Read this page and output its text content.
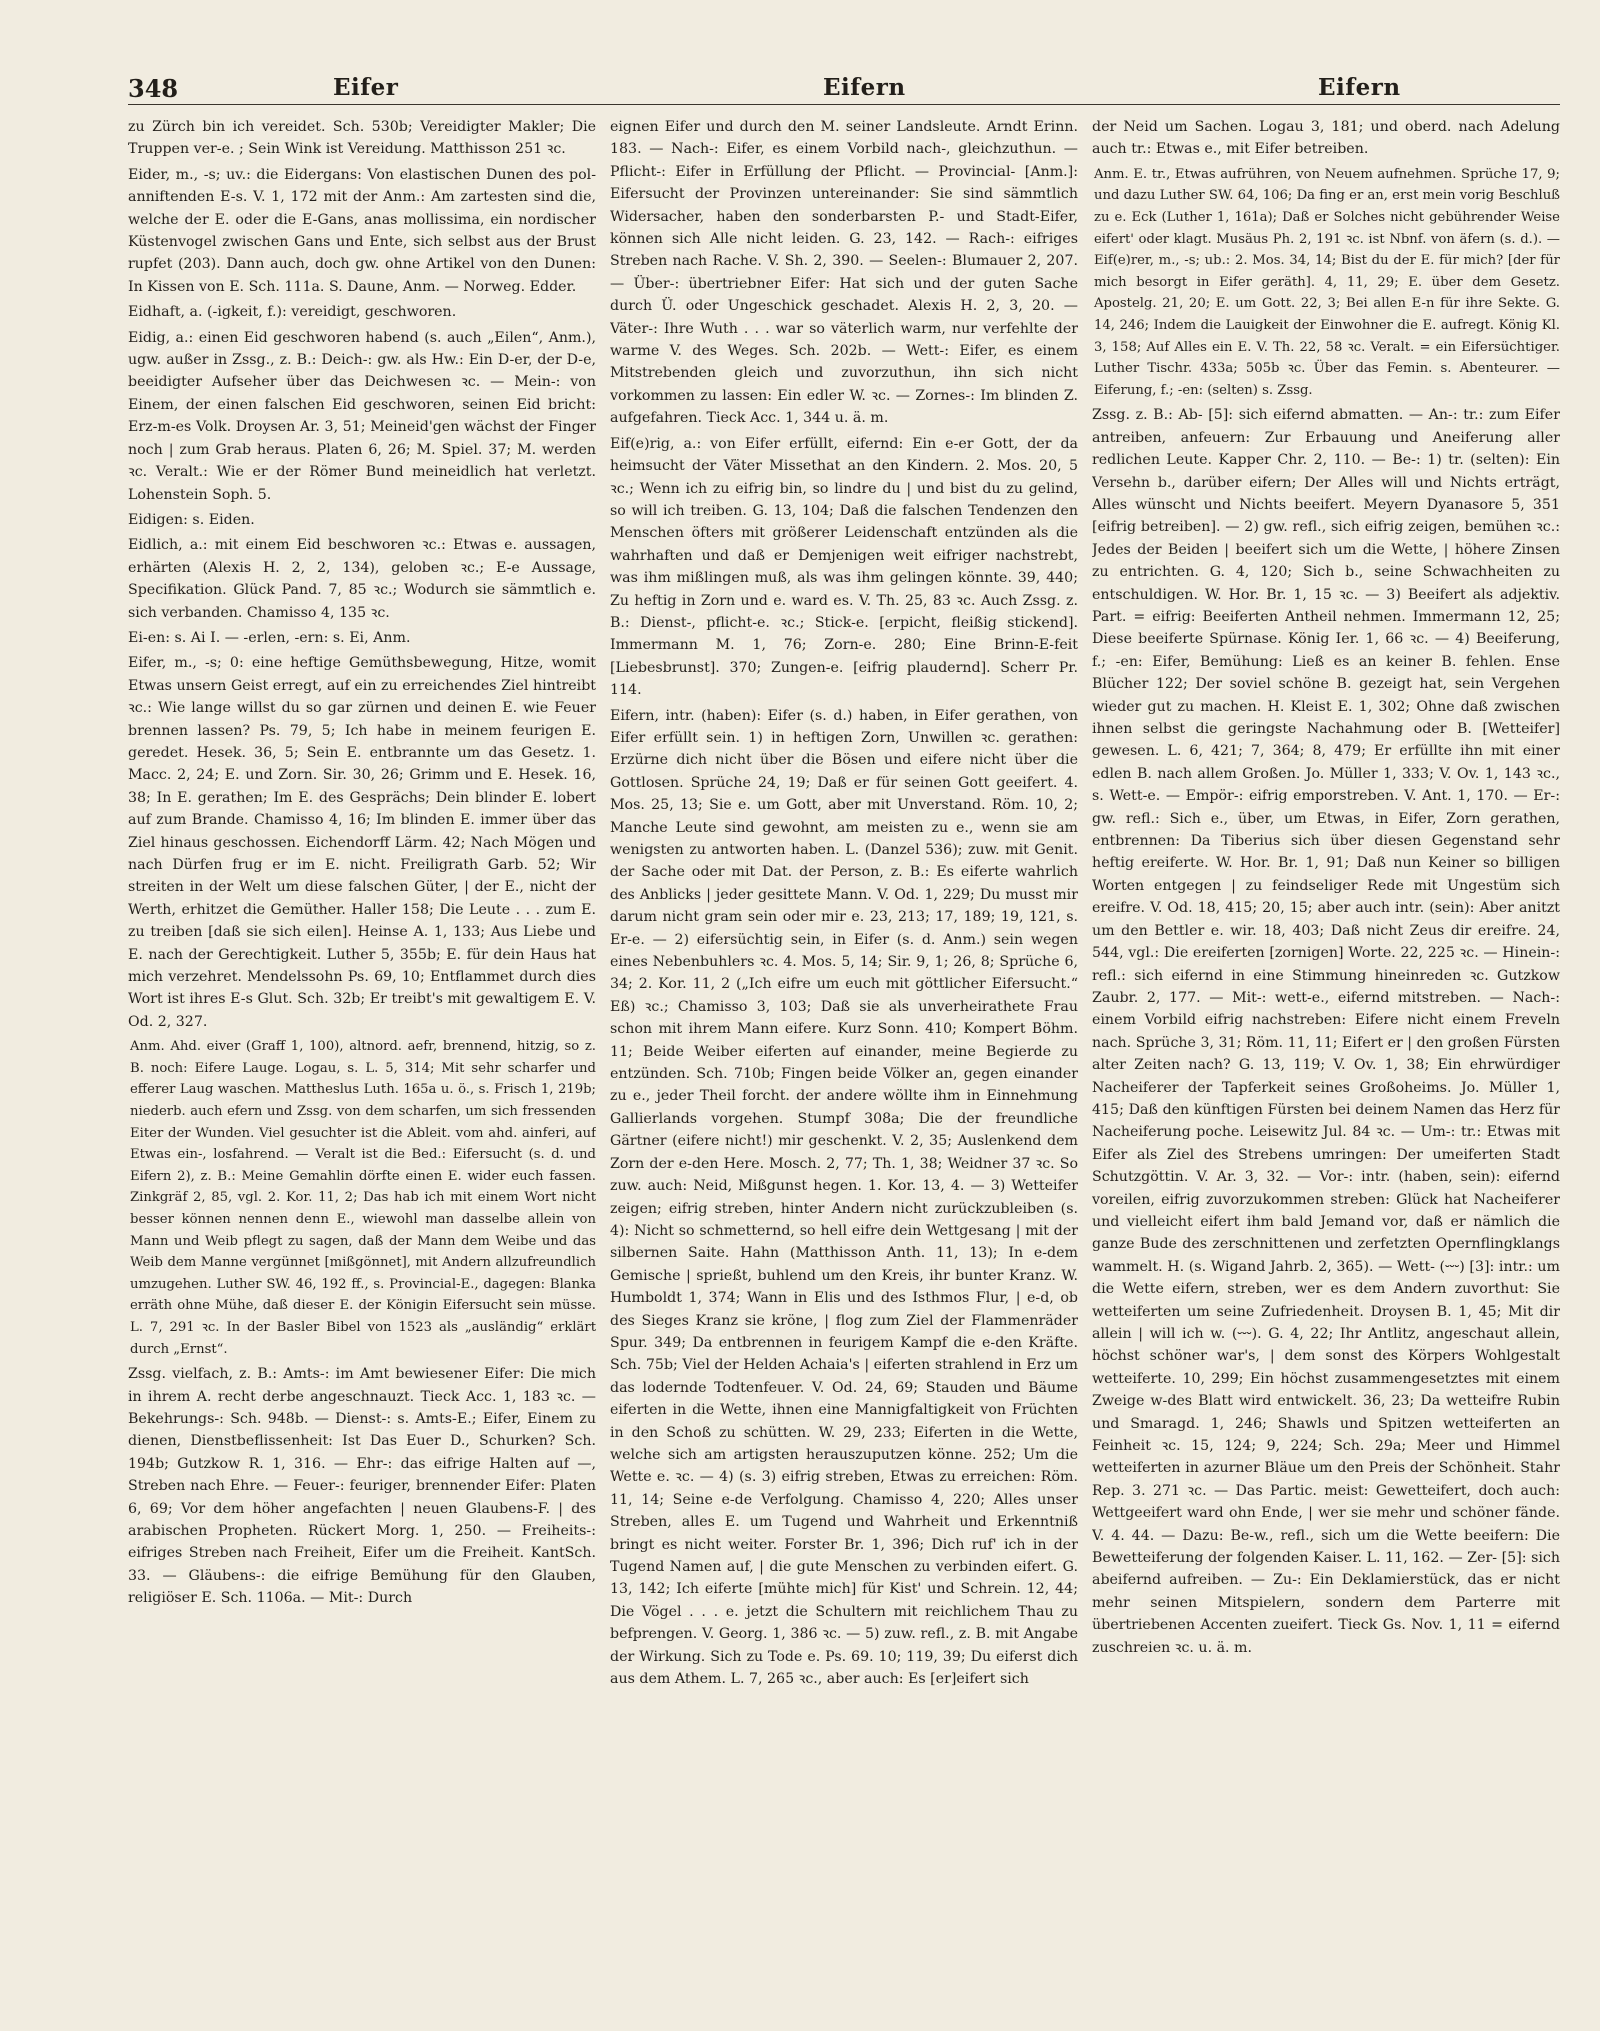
348	Eifer	Eifern	Eifern

zu Zürch bin ich vereidet. Sch. 530b; Vereidigter Makler; Die Truppen ver-e. ; Sein Wink ist Vereidung. Matthisson 251 ꝛc.

Eider, m., -s; uv.: die Eidergans: Von elastischen Dunen des pol-anniftenden E-s. V. 1, 172 mit der Anm.: Am zartesten sind die, welche der E. oder die E-Gans, anas mollissima, ein nordischer Küstenvogel zwischen Gans und Ente, sich selbst aus der Brust rupfet (203). Dann auch, doch gw. ohne Artikel von den Dunen: In Kissen von E. Sch. 111a. S. Daune, Anm. — Norweg. Edder.

Eidhaft, a. (-igkeit, f.): vereidigt, geschworen.

Eidig, a.: einen Eid geschworen habend (s. auch „Eilen“, Anm.), ugw. außer in Zssg., z. B.: Deich-: gw. als Hw.: Ein D-er, der D-e, beeidigter Aufseher über das Deichwesen ꝛc. — Mein-: von Einem, der einen falschen Eid geschworen, seinen Eid bricht: Erz-m-es Volk. Droysen Ar. 3, 51; Meineid'gen wächst der Finger noch | zum Grab heraus. Platen 6, 26; M. Spiel. 37; M. werden ꝛc. Veralt.: Wie er der Römer Bund meineidlich hat verletzt. Lohenstein Soph. 5.

Eidigen: s. Eiden.

Eidlich, a.: mit einem Eid beschworen ꝛc.: Etwas e. aussagen, erhärten (Alexis H. 2, 2, 134), geloben ꝛc.; E-e Aussage, Specifikation. Glück Pand. 7, 85 ꝛc.; Wodurch sie sämmtlich e. sich verbanden. Chamisso 4, 135 ꝛc.

Ei-en: s. Ai I. — -erlen, -ern: s. Ei, Anm.

Eifer, m., -s; 0: eine heftige Gemüthsbewegung, Hitze, womit Etwas unsern Geist erregt, auf ein zu erreichendes Ziel hintreibt ꝛc.: Wie lange willst du so gar zürnen und deinen E. wie Feuer brennen lassen? Ps. 79, 5; Ich habe in meinem feurigen E. geredet. Hesek. 36, 5; Sein E. entbrannte um das Gesetz. 1. Macc. 2, 24; E. und Zorn. Sir. 30, 26; Grimm und E. Hesek. 16, 38; In E. gerathen; Im E. des Gesprächs; Dein blinder E. lobert auf zum Brande. Chamisso 4, 16; Im blinden E. immer über das Ziel hinaus geschossen. Eichendorff Lärm. 42; Nach Mögen und nach Dürfen frug er im E. nicht. Freiligrath Garb. 52; Wir streiten in der Welt um diese falschen Güter, | der E., nicht der Werth, erhitzet die Gemüther. Haller 158; Die Leute . . . zum E. zu treiben [daß sie sich eilen]. Heinse A. 1, 133; Aus Liebe und E. nach der Gerechtigkeit. Luther 5, 355b; E. für dein Haus hat mich verzehret. Mendelssohn Ps. 69, 10; Entflammet durch dies Wort ist ihres E-s Glut. Sch. 32b; Er treibt's mit gewaltigem E. V. Od. 2, 327.

Anm. Ahd. eiver (Graff 1, 100), altnord. aefr, brennend, hitzig, so z. B. noch: Eifere Lauge. Logau, s. L. 5, 314; Mit sehr scharfer und efferer Laug waschen. Mattheslus Luth. 165a u. ö., s. Frisch 1, 219b; niederb. auch efern und Zssg. von dem scharfen, um sich fressenden Eiter der Wunden. Viel gesuchter ist die Ableit. vom ahd. ainferi, auf Etwas ein-, losfahrend. — Veralt ist die Bed.: Eifersucht (s. d. und Eifern 2), z. B.: Meine Gemahlin dörfte einen E. wider euch fassen. Zinkgräf 2, 85, vgl. 2. Kor. 11, 2; Das hab ich mit einem Wort nicht besser können nennen denn E., wiewohl man dasselbe allein von Mann und Weib pflegt zu sagen, daß der Mann dem Weibe und das Weib dem Manne vergünnet [mißgönnet], mit Andern allzufreundlich umzugehen. Luther SW. 46, 192 ff., s. Provincial-E., dagegen: Blanka erräth ohne Mühe, daß dieser E. der Königin Eifersucht sein müsse. L. 7, 291 ꝛc. In der Basler Bibel von 1523 als „ausländig“ erklärt durch „Ernst“.

Zssg. vielfach, z. B.: Amts-: im Amt bewiesener Eifer: Die mich in ihrem A. recht derbe angeschnauzt. Tieck Acc. 1, 183 ꝛc. — Bekehrungs-: Sch. 948b. — Dienst-: s. Amts-E.; Eifer, Einem zu dienen, Dienstbeflissenheit: Ist Das Euer D., Schurken? Sch. 194b; Gutzkow R. 1, 316. — Ehr-: das eifrige Halten auf —, Streben nach Ehre. — Feuer-: feuriger, brennender Eifer: Platen 6, 69; Vor dem höher angefachten | neuen Glaubens-F. | des arabischen Propheten. Rückert Morg. 1, 250. — Freiheits-: eifriges Streben nach Freiheit, Eifer um die Freiheit. KantSch. 33. — Gläubens-: die eifrige Bemühung für den Glauben, religiöser E. Sch. 1106a. — Mit-: Durch

eignen Eifer und durch den M. seiner Landsleute. Arndt Erinn. 183. — Nach-: Eifer, es einem Vorbild nach-, gleichzuthun. — Pflicht-: Eifer in Erfüllung der Pflicht. — Provincial- [Anm.]: Eifersucht der Provinzen untereinander: Sie sind sämmtlich Widersacher, haben den sonderbarsten P.- und Stadt-Eifer, können sich Alle nicht leiden. G. 23, 142. — Rach-: eifriges Streben nach Rache. V. Sh. 2, 390. — Seelen-: Blumauer 2, 207. — Über-: übertriebner Eifer: Hat sich und der guten Sache durch Ü. oder Ungeschick geschadet. Alexis H. 2, 3, 20. — Väter-: Ihre Wuth . . . war so väterlich warm, nur verfehlte der warme V. des Weges. Sch. 202b. — Wett-: Eifer, es einem Mitstrebenden gleich und zuvorzuthun, ihn sich nicht vorkommen zu lassen: Ein edler W. ꝛc. — Zornes-: Im blinden Z. aufgefahren. Tieck Acc. 1, 344 u. ä. m.

Eif(e)rig, a.: von Eifer erfüllt, eifernd: Ein e-er Gott, der da heimsucht der Väter Missethat an den Kindern. 2. Mos. 20, 5 ꝛc.; Wenn ich zu eifrig bin, so lindre du | und bist du zu gelind, so will ich treiben. G. 13, 104; Daß die falschen Tendenzen den Menschen öfters mit größerer Leidenschaft entzünden als die wahrhaften und daß er Demjenigen weit eifriger nachstrebt, was ihm mißlingen muß, als was ihm gelingen könnte. 39, 440; Zu heftig in Zorn und e. ward es. V. Th. 25, 83 ꝛc. Auch Zssg. z. B.: Dienst-, pflicht-e. ꝛc.; Stick-e. [erpicht, fleißig stickend]. Immermann M. 1, 76; Zorn-e. 280; Eine Brinn-E-feit [Liebesbrunst]. 370; Zungen-e. [eifrig plaudernd]. Scherr Pr. 114.

Eifern, intr. (haben): Eifer (s. d.) haben, in Eifer gerathen, von Eifer erfüllt sein. 1) in heftigen Zorn, Unwillen ꝛc. gerathen: Erzürne dich nicht über die Bösen und eifere nicht über die Gottlosen. Sprüche 24, 19; Daß er für seinen Gott geeifert. 4. Mos. 25, 13; Sie e. um Gott, aber mit Unverstand. Röm. 10, 2; Manche Leute sind gewohnt, am meisten zu e., wenn sie am wenigsten zu antworten haben. L. (Danzel 536); zuw. mit Genit. der Sache oder mit Dat. der Person, z. B.: Es eiferte wahrlich des Anblicks | jeder gesittete Mann. V. Od. 1, 229; Du musst mir darum nicht gram sein oder mir e. 23, 213; 17, 189; 19, 121, s. Er-e. — 2) eifersüchtig sein, in Eifer (s. d. Anm.) sein wegen eines Nebenbuhlers ꝛc. 4. Mos. 5, 14; Sir. 9, 1; 26, 8; Sprüche 6, 34; 2. Kor. 11, 2 („Ich eifre um euch mit göttlicher Eifersucht.“ Eß) ꝛc.; Chamisso 3, 103; Daß sie als unverheirathete Frau schon mit ihrem Mann eifere. Kurz Sonn. 410; Kompert Böhm. 11; Beide Weiber eiferten auf einander, meine Begierde zu entzünden. Sch. 710b; Fingen beide Völker an, gegen einander zu e., jeder Theil forcht. der andere wöllte ihm in Einnehmung Gallierlands vorgehen. Stumpf 308a; Die der freundliche Gärtner (eifere nicht!) mir geschenkt. V. 2, 35; Auslenkend dem Zorn der e-den Here. Mosch. 2, 77; Th. 1, 38; Weidner 37 ꝛc. So zuw. auch: Neid, Mißgunst hegen. 1. Kor. 13, 4. — 3) Wetteifer zeigen; eifrig streben, hinter Andern nicht zurückzubleiben (s. 4): Nicht so schmetternd, so hell eifre dein Wettgesang | mit der silbernen Saite. Hahn (Matthisson Anth. 11, 13); In e-dem Gemische | sprießt, buhlend um den Kreis, ihr bunter Kranz. W. Humboldt 1, 374; Wann in Elis und des Isthmos Flur, | e-d, ob des Sieges Kranz sie kröne, | flog zum Ziel der Flammenräder Spur. 349; Da entbrennen in feurigem Kampf die e-den Kräfte. Sch. 75b; Viel der Helden Achaia's | eiferten strahlend in Erz um das lodernde Todtenfeuer. V. Od. 24, 69; Stauden und Bäume eiferten in die Wette, ihnen eine Mannigfaltigkeit von Früchten in den Schoß zu schütten. W. 29, 233; Eiferten in die Wette, welche sich am artigsten herauszuputzen könne. 252; Um die Wette e. ꝛc. — 4) (s. 3) eifrig streben, Etwas zu erreichen: Röm. 11, 14; Seine e-de Verfolgung. Chamisso 4, 220; Alles unser Streben, alles E. um Tugend und Wahrheit und Erkenntniß bringt es nicht weiter. Forster Br. 1, 396; Dich ruf' ich in der Tugend Namen auf, | die gute Menschen zu verbinden eifert. G. 13, 142; Ich eiferte [mühte mich] für Kist' und Schrein. 12, 44; Die Vögel . . . e. jetzt die Schultern mit reichlichem Thau zu befprengen. V. Georg. 1, 386 ꝛc. — 5) zuw. refl., z. B. mit Angabe der Wirkung. Sich zu Tode e. Ps. 69. 10; 119, 39; Du eiferst dich aus dem Athem. L. 7, 265 ꝛc., aber auch: Es [er]eifert sich

der Neid um Sachen. Logau 3, 181; und oberd. nach Adelung auch tr.: Etwas e., mit Eifer betreiben.

Anm. E. tr., Etwas aufrühren, von Neuem aufnehmen. Sprüche 17, 9; und dazu Luther SW. 64, 106; Da fing er an, erst mein vorig Beschluß zu e. Eck (Luther 1, 161a); Daß er Solches nicht gebührender Weise eifert' oder klagt. Musäus Ph. 2, 191 ꝛc. ist Nbnf. von äfern (s. d.). — Eif(e)rer, m., -s; ub.: 2. Mos. 34, 14; Bist du der E. für mich? [der für mich besorgt in Eifer geräth]. 4, 11, 29; E. über dem Gesetz. Apostelg. 21, 20; E. um Gott. 22, 3; Bei allen E-n für ihre Sekte. G. 14, 246; Indem die Lauigkeit der Einwohner die E. aufregt. König Kl. 3, 158; Auf Alles ein E. V. Th. 22, 58 ꝛc. Veralt. = ein Eifersüchtiger. Luther Tischr. 433a; 505b ꝛc. Über das Femin. s. Abenteurer. — Eiferung, f.; -en: (selten) s. Zssg.

Zssg. z. B.: Ab- [5]: sich eifernd abmatten. — An-: tr.: zum Eifer antreiben, anfeuern: Zur Erbauung und Aneiferung aller redlichen Leute. Kapper Chr. 2, 110. — Be-: 1) tr. (selten): Ein Versehn b., darüber eifern; Der Alles will und Nichts erträgt, Alles wünscht und Nichts beeifert. Meyern Dyanasore 5, 351 [eifrig betreiben]. — 2) gw. refl., sich eifrig zeigen, bemühen ꝛc.: Jedes der Beiden | beeifert sich um die Wette, | höhere Zinsen zu entrichten. G. 4, 120; Sich b., seine Schwachheiten zu entschuldigen. W. Hor. Br. 1, 15 ꝛc. — 3) Beeifert als adjektiv. Part. = eifrig: Beeiferten Antheil nehmen. Immermann 12, 25; Diese beeiferte Spürnase. König Ier. 1, 66 ꝛc. — 4) Beeiferung, f.; -en: Eifer, Bemühung: Ließ es an keiner B. fehlen. Ense Blücher 122; Der soviel schöne B. gezeigt hat, sein Vergehen wieder gut zu machen. H. Kleist E. 1, 302; Ohne daß zwischen ihnen selbst die geringste Nachahmung oder B. [Wetteifer] gewesen. L. 6, 421; 7, 364; 8, 479; Er erfüllte ihn mit einer edlen B. nach allem Großen. Jo. Müller 1, 333; V. Ov. 1, 143 ꝛc., s. Wett-e. — Empör-: eifrig emporstreben. V. Ant. 1, 170. — Er-: gw. refl.: Sich e., über, um Etwas, in Eifer, Zorn gerathen, entbrennen: Da Tiberius sich über diesen Gegenstand sehr heftig ereiferte. W. Hor. Br. 1, 91; Daß nun Keiner so billigen Worten entgegen | zu feindseliger Rede mit Ungestüm sich ereifre. V. Od. 18, 415; 20, 15; aber auch intr. (sein): Aber anitzt um den Bettler e. wir. 18, 403; Daß nicht Zeus dir ereifre. 24, 544, vgl.: Die ereiferten [zornigen] Worte. 22, 225 ꝛc. — Hinein-: refl.: sich eifernd in eine Stimmung hineinreden ꝛc. Gutzkow Zaubr. 2, 177. — Mit-: wett-e., eifernd mitstreben. — Nach-: einem Vorbild eifrig nachstreben: Eifere nicht einem Freveln nach. Sprüche 3, 31; Röm. 11, 11; Eifert er | den großen Fürsten alter Zeiten nach? G. 13, 119; V. Ov. 1, 38; Ein ehrwürdiger Nacheiferer der Tapferkeit seines Großoheims. Jo. Müller 1, 415; Daß den künftigen Fürsten bei deinem Namen das Herz für Nacheiferung poche. Leisewitz Jul. 84 ꝛc. — Um-: tr.: Etwas mit Eifer als Ziel des Strebens umringen: Der umeiferten Stadt Schutzgöttin. V. Ar. 3, 32. — Vor-: intr. (haben, sein): eifernd voreilen, eifrig zuvorzukommen streben: Glück hat Nacheiferer und vielleicht eifert ihm bald Jemand vor, daß er nämlich die ganze Bude des zerschnittenen und zerfetzten Opernflingklangs wammelt. H. (s. Wigand Jahrb. 2, 365). — Wett- (⏑⏑⏑) [3]: intr.: um die Wette eifern, streben, wer es dem Andern zuvorthut: Sie wetteiferten um seine Zufriedenheit. Droysen B. 1, 45; Mit dir allein | will ich w. (⏑⏑⏑). G. 4, 22; Ihr Antlitz, angeschaut allein, höchst schöner war's, | dem sonst des Körpers Wohlgestalt wetteiferte. 10, 299; Ein höchst zusammengesetztes mit einem Zweige w-des Blatt wird entwickelt. 36, 23; Da wetteifre Rubin und Smaragd. 1, 246; Shawls und Spitzen wetteiferten an Feinheit ꝛc. 15, 124; 9, 224; Sch. 29a; Meer und Himmel wetteiferten in azurner Bläue um den Preis der Schönheit. Stahr Rep. 3. 271 ꝛc. — Das Partic. meist: Gewetteifert, doch auch: Wettgeeifert ward ohn Ende, | wer sie mehr und schöner fände. V. 4. 44. — Dazu: Be-w., refl., sich um die Wette beeifern: Die Bewetteiferung der folgenden Kaiser. L. 11, 162. — Zer- [5]: sich abeifernd aufreiben. — Zu-: Ein Deklamierstück, das er nicht mehr seinen Mitspielern, sondern dem Parterre mit übertriebenen Accenten zueifert. Tieck Gs. Nov. 1, 11 = eifernd zuschreien ꝛc. u. ä. m.
